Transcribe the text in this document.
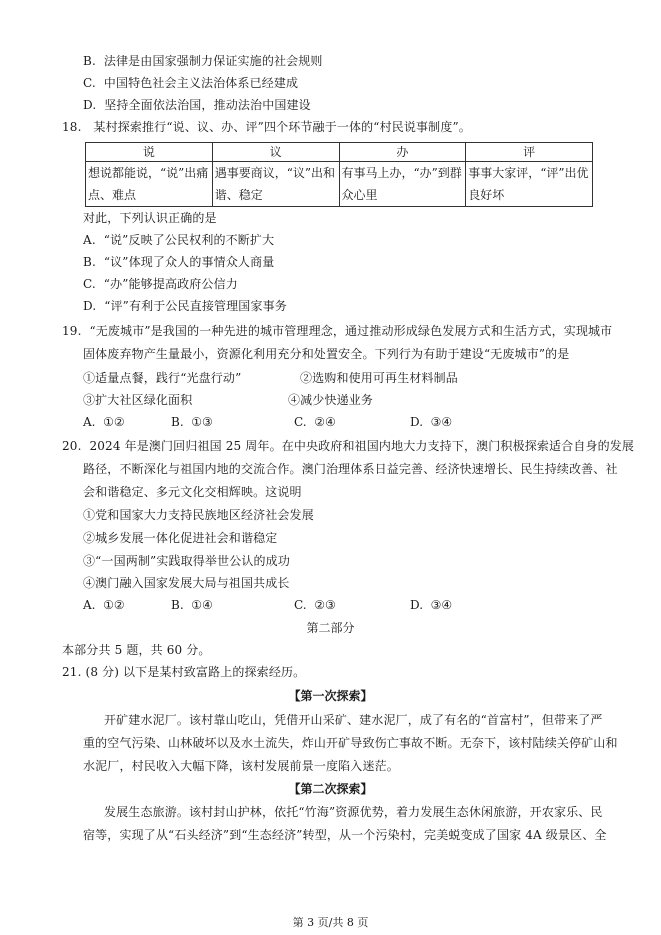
B.  法律是由国家强制力保证实施的社会规则
C.  中国特色社会主义法治体系已经建成
D.  坚持全面依法治国，推动法治中国建设
18.   某村探索推行“说、议、办、评”四个环节融于一体的“村民说事制度”。
说	议	办	评
想说都能说，“说”出痛点、难点	遇事要商议，“议”出和谐、稳定	有事马上办，“办”到群众心里	事事大家评，“评”出优良好坏
对此，下列认识正确的是
A.  “说”反映了公民权利的不断扩大
B.  “议”体现了众人的事情众人商量
C.  “办”能够提高政府公信力
D.  “评”有利于公民直接管理国家事务
19.  “无废城市”是我国的一种先进的城市管理理念，通过推动形成绿色发展方式和生活方式，实现城市
固体废弃物产生量最小，资源化利用充分和处置安全。下列行为有助于建设“无废城市”的是
①适量点餐，践行“光盘行动”	②选购和使用可再生材料制品
③扩大社区绿化面积	④减少快递业务
A.  ①②	B.  ①③	C.  ②④	D.  ③④
20.  2024 年是澳门回归祖国 25 周年。在中央政府和祖国内地大力支持下，澳门积极探索适合自身的发展
路径，不断深化与祖国内地的交流合作。澳门治理体系日益完善、经济快速增长、民生持续改善、社
会和谐稳定、多元文化交相辉映。这说明
①党和国家大力支持民族地区经济社会发展
②城乡发展一体化促进社会和谐稳定
③“一国两制”实践取得举世公认的成功
④澳门融入国家发展大局与祖国共成长
A.  ①②	B.  ①④	C.  ②③	D.  ③④
第二部分
本部分共 5 题，共 60 分。
21. (8 分) 以下是某村致富路上的探索经历。
【第一次探索】
开矿建水泥厂。该村靠山吃山，凭借开山采矿、建水泥厂，成了有名的“首富村”，但带来了严
重的空气污染、山林破坏以及水土流失，炸山开矿导致伤亡事故不断。无奈下，该村陆续关停矿山和
水泥厂，村民收入大幅下降，该村发展前景一度陷入迷茫。
【第二次探索】
发展生态旅游。该村封山护林，依托“竹海”资源优势，着力发展生态休闲旅游，开农家乐、民
宿等，实现了从“石头经济”到“生态经济”转型，从一个污染村，完美蜕变成了国家 4A 级景区、全
第 3 页/共 8 页
